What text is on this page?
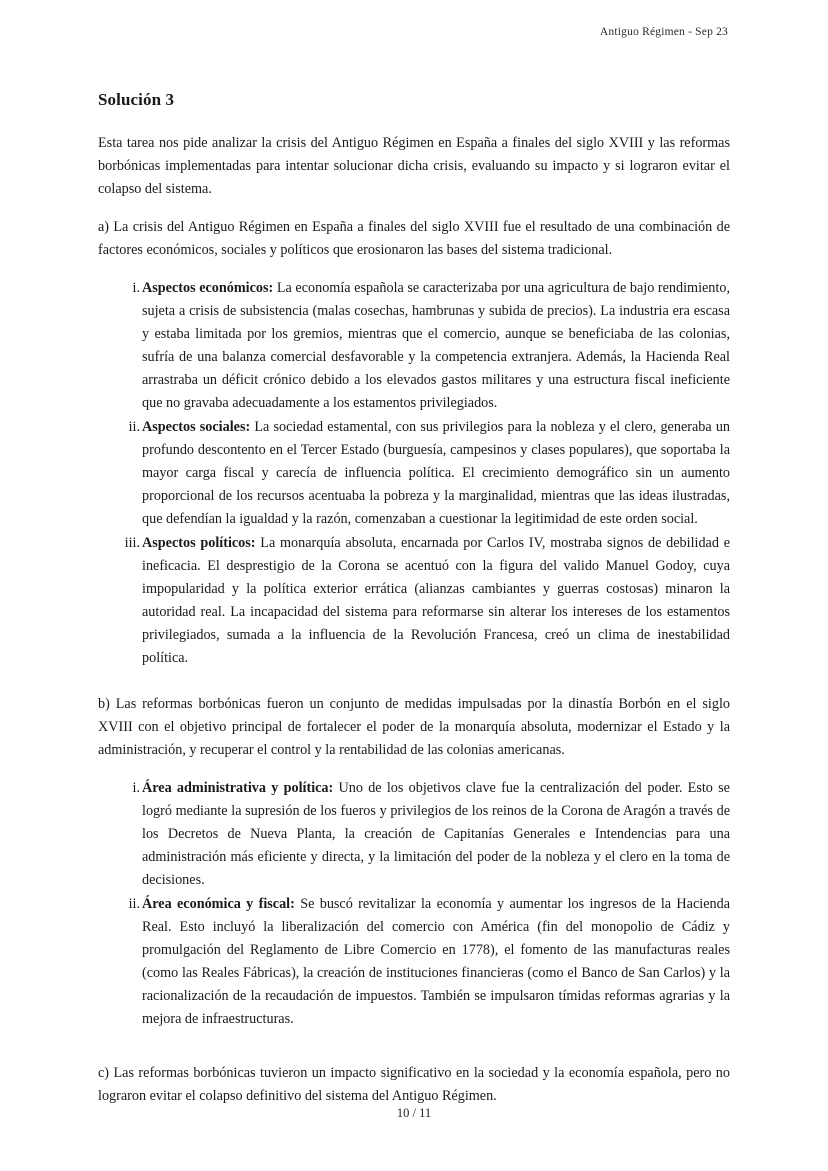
Antiguo Régimen - Sep 23
Solución 3

Esta tarea nos pide analizar la crisis del Antiguo Régimen en España a finales del siglo XVIII y las reformas borbónicas implementadas para intentar solucionar dicha crisis, evaluando su impacto y si lograron evitar el colapso del sistema.

a) La crisis del Antiguo Régimen en España a finales del siglo XVIII fue el resultado de una combinación de factores económicos, sociales y políticos que erosionaron las bases del sistema tradicional.

i. Aspectos económicos: La economía española se caracterizaba por una agricultura de bajo rendimiento, sujeta a crisis de subsistencia (malas cosechas, hambrunas y subida de precios). La industria era escasa y estaba limitada por los gremios, mientras que el comercio, aunque se beneficiaba de las colonias, sufría de una balanza comercial desfavorable y la competencia extranjera. Además, la Hacienda Real arrastraba un déficit crónico debido a los elevados gastos militares y una estructura fiscal ineficiente que no gravaba adecuadamente a los estamentos privilegiados.
ii. Aspectos sociales: La sociedad estamental, con sus privilegios para la nobleza y el clero, generaba un profundo descontento en el Tercer Estado (burguesía, campesinos y clases populares), que soportaba la mayor carga fiscal y carecía de influencia política. El crecimiento demográfico sin un aumento proporcional de los recursos acentuaba la pobreza y la marginalidad, mientras que las ideas ilustradas, que defendían la igualdad y la razón, comenzaban a cuestionar la legitimidad de este orden social.
iii. Aspectos políticos: La monarquía absoluta, encarnada por Carlos IV, mostraba signos de debilidad e ineficacia. El desprestigio de la Corona se acentuó con la figura del valido Manuel Godoy, cuya impopularidad y la política exterior errática (alianzas cambiantes y guerras costosas) minaron la autoridad real. La incapacidad del sistema para reformarse sin alterar los intereses de los estamentos privilegiados, sumada a la influencia de la Revolución Francesa, creó un clima de inestabilidad política.

b) Las reformas borbónicas fueron un conjunto de medidas impulsadas por la dinastía Borbón en el siglo XVIII con el objetivo principal de fortalecer el poder de la monarquía absoluta, modernizar el Estado y la administración, y recuperar el control y la rentabilidad de las colonias americanas.

i. Área administrativa y política: Uno de los objetivos clave fue la centralización del poder. Esto se logró mediante la supresión de los fueros y privilegios de los reinos de la Corona de Aragón a través de los Decretos de Nueva Planta, la creación de Capitanías Generales e Intendencias para una administración más eficiente y directa, y la limitación del poder de la nobleza y el clero en la toma de decisiones.
ii. Área económica y fiscal: Se buscó revitalizar la economía y aumentar los ingresos de la Hacienda Real. Esto incluyó la liberalización del comercio con América (fin del monopolio de Cádiz y promulgación del Reglamento de Libre Comercio en 1778), el fomento de las manufacturas reales (como las Reales Fábricas), la creación de instituciones financieras (como el Banco de San Carlos) y la racionalización de la recaudación de impuestos. También se impulsaron tímidas reformas agrarias y la mejora de infraestructuras.

c) Las reformas borbónicas tuvieron un impacto significativo en la sociedad y la economía española, pero no lograron evitar el colapso definitivo del sistema del Antiguo Régimen.

10 / 11
